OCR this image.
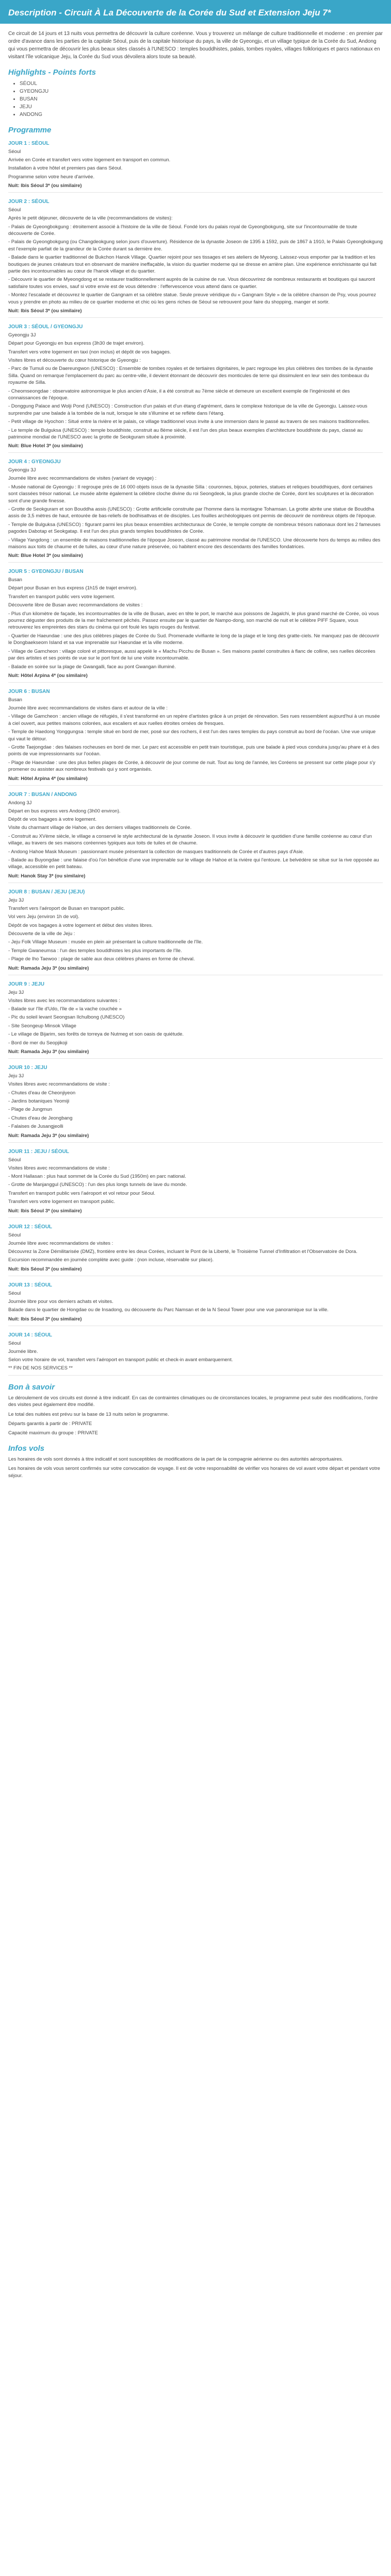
Description - Circuit À La Découverte de la Corée du Sud et Extension Jeju 7*

Ce circuit de 14 jours et 13 nuits vous permettra de découvrir la culture coréenne. Vous y trouverez un mélange de culture traditionnelle et moderne : en premier par ordre d'avance dans les parties de la capitale Séoul, puis de la capitale historique du pays, la ville de Gyeongju, et un village typique de la Corée du Sud, Andong qui vous permettra de découvrir les plus beaux sites classés à l'UNESCO : temples bouddhistes, palais, tombes royales, villages folkloriques et parcs nationaux en visitant l'île volcanique Jeju, la Corée du Sud vous dévoilera alors toute sa beauté.

Highlights - Points forts
• SÉOUL
• GYEONGJU
• BUSAN
• JEJU
• ANDONG
Programme
JOUR 1 : SÉOUL
Séoul

Arrivée en Corée et transfert vers votre logement en transport en commun.

Installation à votre hôtel et premiers pas dans Séoul.

Programme selon votre heure d'arrivée.

Nuit: Ibis Séoul 3* (ou similaire)
JOUR 2 : SÉOUL
Séoul

Après le petit déjeuner, découverte de la ville (recommandations de visites):

- Palais de Gyeongbokgung : étroitement associé à l'histoire de la ville de Séoul. Fondé lors du palais royal de Gyeongbokgung, site sur l'incontournable de toute découverte de Corée.

- Palais de Gyeongbokgung (ou Changdeokgung selon jours d'ouverture). Résidence de la dynastie Joseon de 1395 à 1592, puis de 1867 à 1910, le Palais Gyeongbokgung est l'exemple parfait de la grandeur de la Corée durant sa dernière ère.

- Balade dans le quartier traditionnel de Bukchon Hanok Village. Quartier rejoint pour ses tissages et ses ateliers de Myeong. Laissez-vous emporter par la tradition et les boutiques de jeunes créateurs tout en observant de manière ineffaçable, la vision du quartier moderne qui se dresse en arrière plan. Une expérience enrichissante qui fait partie des incontournables au cœur de l'hanok village et du quartier.

- Découvrir le quartier de Myeongdong et se restaurer traditionnellement auprès de la cuisine de rue. Vous découvrirez de nombreux restaurants et boutiques qui sauront satisfaire toutes vos envies, sauf si votre envie est de vous détendre : l'effervescence vous attend dans ce quartier.

- Montez l'escalade et découvrez le quartier de Gangnam et sa célèbre statue. Seule preuve véridique du « Gangnam Style » de la célèbre chanson de Psy, vous pourrez vous y prendre en photo au milieu de ce quartier moderne et chic où les gens riches de Séoul se retrouvent pour faire du shopping, manger et sortir.

Nuit: Ibis Séoul 3* (ou similaire)
JOUR 3 : SÉOUL / GYEONGJU
Gyeongju 3J

Départ pour Gyeongju en bus express (3h30 de trajet environ).

Transfert vers votre logement en taxi (non inclus) et dépôt de vos bagages.

Visites libres et découverte du cœur historique de Gyeongju :

- Parc de Tumuli ou de Daereungwon (UNESCO) : Ensemble de tombes royales et de tertiaires dignitaires, le parc regroupe les plus célèbres des tombes de la dynastie Silla. Quand on remarque l'emplacement du parc au centre-ville, il devient étonnant de découvrir des monticules de terre qui dissimulent en leur sein des tombeaux du royaume de Silla.

- Cheomseongdae : observatoire astronomique le plus ancien d'Asie, il a été construit au 7ème siècle et demeure un excellent exemple de l'ingéniosité et des connaissances de l'époque.

- Donggung Palace and Wolji Pond (UNESCO) : Construction d'un palais et d'un étang d'agrément, dans le complexe historique de la ville de Gyeongju. Laissez-vous surprendre par une balade à la tombée de la nuit, lorsque le site s'illumine et se reflète dans l'étang.

- Petit village de Hyochon : Situé entre la rivière et le palais, ce village traditionnel vous invite à une immersion dans le passé au travers de ses maisons traditionnelles.

- Le temple de Bulguksa (UNESCO) : temple bouddhiste, construit au 8ème siècle, il est l'un des plus beaux exemples d'architecture bouddhiste du pays, classé au patrimoine mondial de l'UNESCO avec la grotte de Seokguram située à proximité.

Nuit: Blue Hotel 3* (ou similaire)
JOUR 4 : GYEONGJU
Gyeongju 3J

Journée libre avec recommandations de visites (variant de voyage) :

- Musée national de Gyeongju : Il regroupe près de 16 000 objets issus de la dynastie Silla : couronnes, bijoux, poteries, statues et reliques bouddhiques, dont certaines sont classées trésor national. Le musée abrite également la célèbre cloche divine du roi Seongdeok, la plus grande cloche de Corée, dont les sculptures et la décoration sont d'une grande finesse.

- Grotte de Seokguram et son Bouddha assis (UNESCO) : Grotte artificielle construite par l'homme dans la montagne Tohamsan. La grotte abrite une statue de Bouddha assis de 3,5 mètres de haut, entourée de bas-reliefs de bodhisattvas et de disciples. Les fouilles archéologiques ont permis de découvrir de nombreux objets de l'époque.

- Temple de Bulguksa (UNESCO) : figurant parmi les plus beaux ensembles architecturaux de Corée, le temple compte de nombreux trésors nationaux dont les 2 fameuses pagodes Dabotap et Seokgatap. Il est l'un des plus grands temples bouddhistes de Corée.

- Village Yangdong : un ensemble de maisons traditionnelles de l'époque Joseon, classé au patrimoine mondial de l'UNESCO. Une découverte hors du temps au milieu des maisons aux toits de chaume et de tuiles, au cœur d'une nature préservée, où habitent encore des descendants des familles fondatrices.

Nuit: Blue Hotel 3* (ou similaire)
JOUR 5 : GYEONGJU / BUSAN
Busan

Départ pour Busan en bus express (1h15 de trajet environ).

Transfert en transport public vers votre logement.

Découverte libre de Busan avec recommandations de visites :

- Plus d'un kilomètre de façade, les incontournables de la ville de Busan, avec en tête le port, le marché aux poissons de Jagalchi, le plus grand marché de Corée, où vous pourrez déguster des produits de la mer fraîchement pêchés. Passez ensuite par le quartier de Nampo-dong, son marché de nuit et le célèbre PIFF Square, vous retrouverez les empreintes des stars du cinéma qui ont foulé les tapis rouges du festival.

- Quartier de Haeundae : une des plus célèbres plages de Corée du Sud. Promenade vivifiante le long de la plage et le long des gratte-ciels. Ne manquez pas de découvrir le Dongbaekseom Island et sa vue imprenable sur Haeundae et la ville moderne.

- Village de Gamcheon : village coloré et pittoresque, aussi appelé le « Machu Picchu de Busan ». Ses maisons pastel construites à flanc de colline, ses ruelles décorées par des artistes et ses points de vue sur le port font de lui une visite incontournable.

- Balade en soirée sur la plage de Gwangalli, face au pont Gwangan illuminé.

Nuit: Hôtel Arpina 4* (ou similaire)
JOUR 6 : BUSAN
Busan

Journée libre avec recommandations de visites dans et autour de la ville :

- Village de Gamcheon : ancien village de réfugiés, il s'est transformé en un repère d'artistes grâce à un projet de rénovation. Ses rues ressemblent aujourd'hui à un musée à ciel ouvert, aux petites maisons colorées, aux escaliers et aux ruelles étroites ornées de fresques.

- Temple de Haedong Yonggungsa : temple situé en bord de mer, posé sur des rochers, il est l'un des rares temples du pays construit au bord de l'océan. Une vue unique qui vaut le détour.

- Grotte Taejongdae : des falaises rocheuses en bord de mer. Le parc est accessible en petit train touristique, puis une balade à pied vous conduira jusqu'au phare et à des points de vue impressionnants sur l'océan.

- Plage de Haeundae : une des plus belles plages de Corée, à découvrir de jour comme de nuit. Tout au long de l'année, les Coréens se pressent sur cette plage pour s'y promener ou assister aux nombreux festivals qui y sont organisés.

Nuit: Hôtel Arpina 4* (ou similaire)
JOUR 7 : BUSAN / ANDONG
Andong 3J

Départ en bus express vers Andong (3h00 environ).

Dépôt de vos bagages à votre logement.

Visite du charmant village de Hahoe, un des derniers villages traditionnels de Corée.

- Construit au XVème siècle, le village a conservé le style architectural de la dynastie Joseon. Il vous invite à découvrir le quotidien d'une famille coréenne au cœur d'un village, au travers de ses maisons coréennes typiques aux toits de tuiles et de chaume.

- Andong Hahoe Mask Museum : passionnant musée présentant la collection de masques traditionnels de Corée et d'autres pays d'Asie.

- Balade au Buyongdae : une falaise d'où l'on bénéficie d'une vue imprenable sur le village de Hahoe et la rivière qui l'entoure. Le belvédère se situe sur la rive opposée au village, accessible en petit bateau.

Nuit: Hanok Stay 3* (ou similaire)
JOUR 8 : BUSAN / JEJU (JEJU)
Jeju 3J

Transfert vers l'aéroport de Busan en transport public.

Vol vers Jeju (environ 1h de vol).

Dépôt de vos bagages à votre logement et début des visites libres.

Découverte de la ville de Jeju :

- Jeju Folk Village Museum : musée en plein air présentant la culture traditionnelle de l'île.

- Temple Gwaneumsa : l'un des temples bouddhistes les plus importants de l'île.

- Plage de Iho Taewoo : plage de sable aux deux célèbres phares en forme de cheval.

Nuit: Ramada Jeju 3* (ou similaire)
JOUR 9 : JEJU
Jeju 3J

Visites libres avec les recommandations suivantes :

- Balade sur l'île d'Udo, l'île de « la vache couchée »

- Pic du soleil levant Seongsan Ilchulbong (UNESCO)

- Site Seongeup Minsok Village

- Le village de Bijarim, ses forêts de torreya de Nutmeg et son oasis de quiétude.

- Bord de mer du Seopjikoji

Nuit: Ramada Jeju 3* (ou similaire)
JOUR 10 : JEJU
Jeju 3J

Visites libres avec recommandations de visite :

- Chutes d'eau de Cheonjiyeon

- Jardins botaniques Yeomiji

- Plage de Jungmun

- Chutes d'eau de Jeongbang

- Falaises de Jusangjeolli

Nuit: Ramada Jeju 3* (ou similaire)
JOUR 11 : JEJU / SÉOUL
Séoul

Visites libres avec recommandations de visite :

- Mont Hallasan : plus haut sommet de la Corée du Sud (1950m) en parc national.

- Grotte de Manjanggul (UNESCO) : l'un des plus longs tunnels de lave du monde.

Transfert en transport public vers l'aéroport et vol retour pour Séoul.

Transfert vers votre logement en transport public.

Nuit: Ibis Séoul 3* (ou similaire)
JOUR 12 : SÉOUL
Séoul

Journée libre avec recommandations de visites :

Découvrez la Zone Démilitarisée (DMZ), frontière entre les deux Corées, incluant le Pont de la Liberté, le Troisième Tunnel d'Infiltration et l'Observatoire de Dora.

Excursion recommandée en journée complète avec guide : (non incluse, réservable sur place).

Nuit: Ibis Séoul 3* (ou similaire)
JOUR 13 : SÉOUL
Séoul

Journée libre pour vos derniers achats et visites.

Balade dans le quartier de Hongdae ou de Insadong, ou découverte du Parc Namsan et de la N Seoul Tower pour une vue panoramique sur la ville.

Nuit: Ibis Séoul 3* (ou similaire)
JOUR 14 : SÉOUL
Séoul

Journée libre.

Selon votre horaire de vol, transfert vers l'aéroport en transport public et check-in avant embarquement.

** FIN DE NOS SERVICES **

Bon à savoir

Le déroulement de vos circuits est donné à titre indicatif. En cas de contraintes climatiques ou de circonstances locales, le programme peut subir des modifications, l'ordre des visites peut également être modifié.

Le total des nuitées est prévu sur la base de 13 nuits selon le programme.

Départs garantis à partir de : PRIVATE

Capacité maximum du groupe : PRIVATE

Infos vols

Les horaires de vols sont donnés à titre indicatif et sont susceptibles de modifications de la part de la compagnie aérienne ou des autorités aéroportuaires.

Les horaires de vols vous seront confirmés sur votre convocation de voyage. Il est de votre responsabilité de vérifier vos horaires de vol avant votre départ et pendant votre séjour.
